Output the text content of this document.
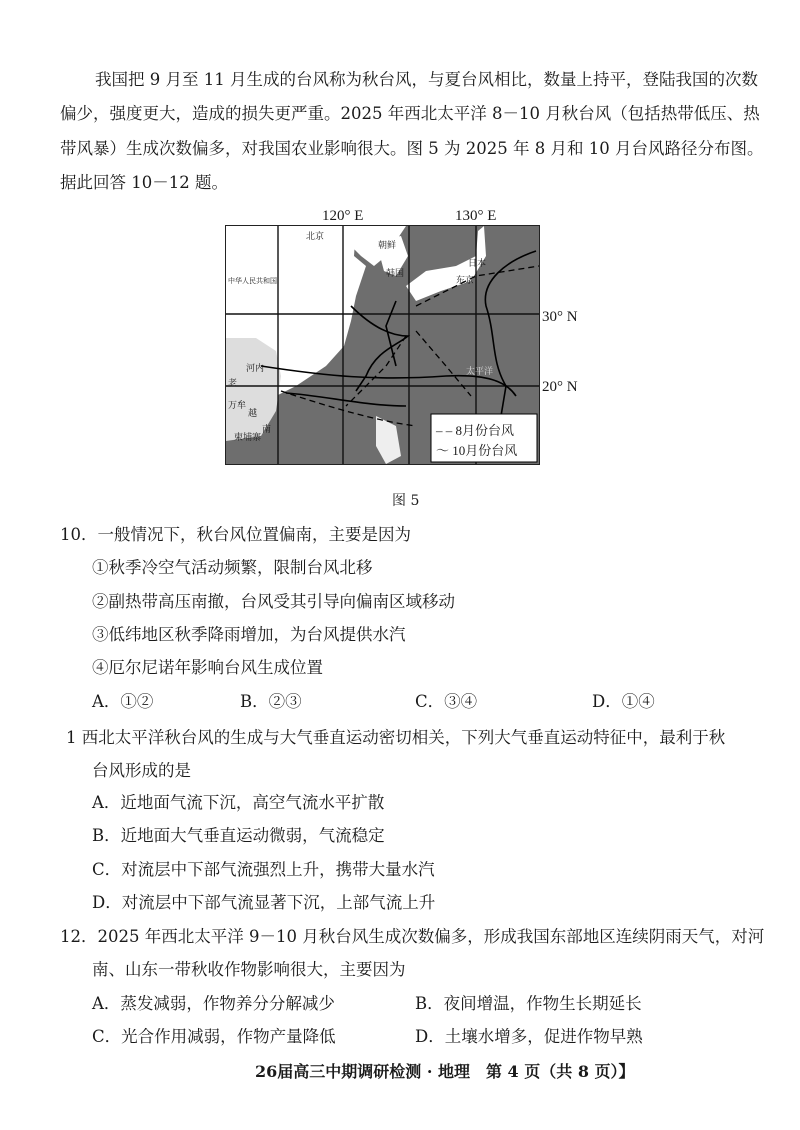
我国把 9 月至 11 月生成的台风称为秋台风，与夏台风相比，数量上持平，登陆我国的次数
偏少，强度更大，造成的损失更严重。2025 年西北太平洋 8－10 月秋台风（包括热带低压、热
带风暴）生成次数偏多，对我国农业影响很大。图 5 为 2025 年 8 月和 10 月台风路径分布图。
据此回答 10－12 题。
120° E	130° E
30° N
20° N
北京
朝鲜
韩国
日本
东京
中华人民共和国
河内
老
万牟
越
南
柬埔寨
太平洋
‒ ‒ 8月份台风
〜 10月份台风
图 5
10．一般情况下，秋台风位置偏南，主要是因为
①秋季冷空气活动频繁，限制台风北移
②副热带高压南撤，台风受其引导向偏南区域移动
③低纬地区秋季降雨增加，为台风提供水汽
④厄尔尼诺年影响台风生成位置
A．①②	B．②③	C．③④	D．①④
1 西北太平洋秋台风的生成与大气垂直运动密切相关，下列大气垂直运动特征中，最利于秋
台风形成的是
A．近地面气流下沉，高空气流水平扩散
B．近地面大气垂直运动微弱，气流稳定
C．对流层中下部气流强烈上升，携带大量水汽
D．对流层中下部气流显著下沉，上部气流上升
12．2025 年西北太平洋 9－10 月秋台风生成次数偏多，形成我国东部地区连续阴雨天气，对河
南、山东一带秋收作物影响很大，主要因为
A．蒸发减弱，作物养分分解减少	B．夜间增温，作物生长期延长
C．光合作用减弱，作物产量降低	D．土壤水增多，促进作物早熟
26届高三中期调研检测 · 地理　第 4 页（共 8 页）】
